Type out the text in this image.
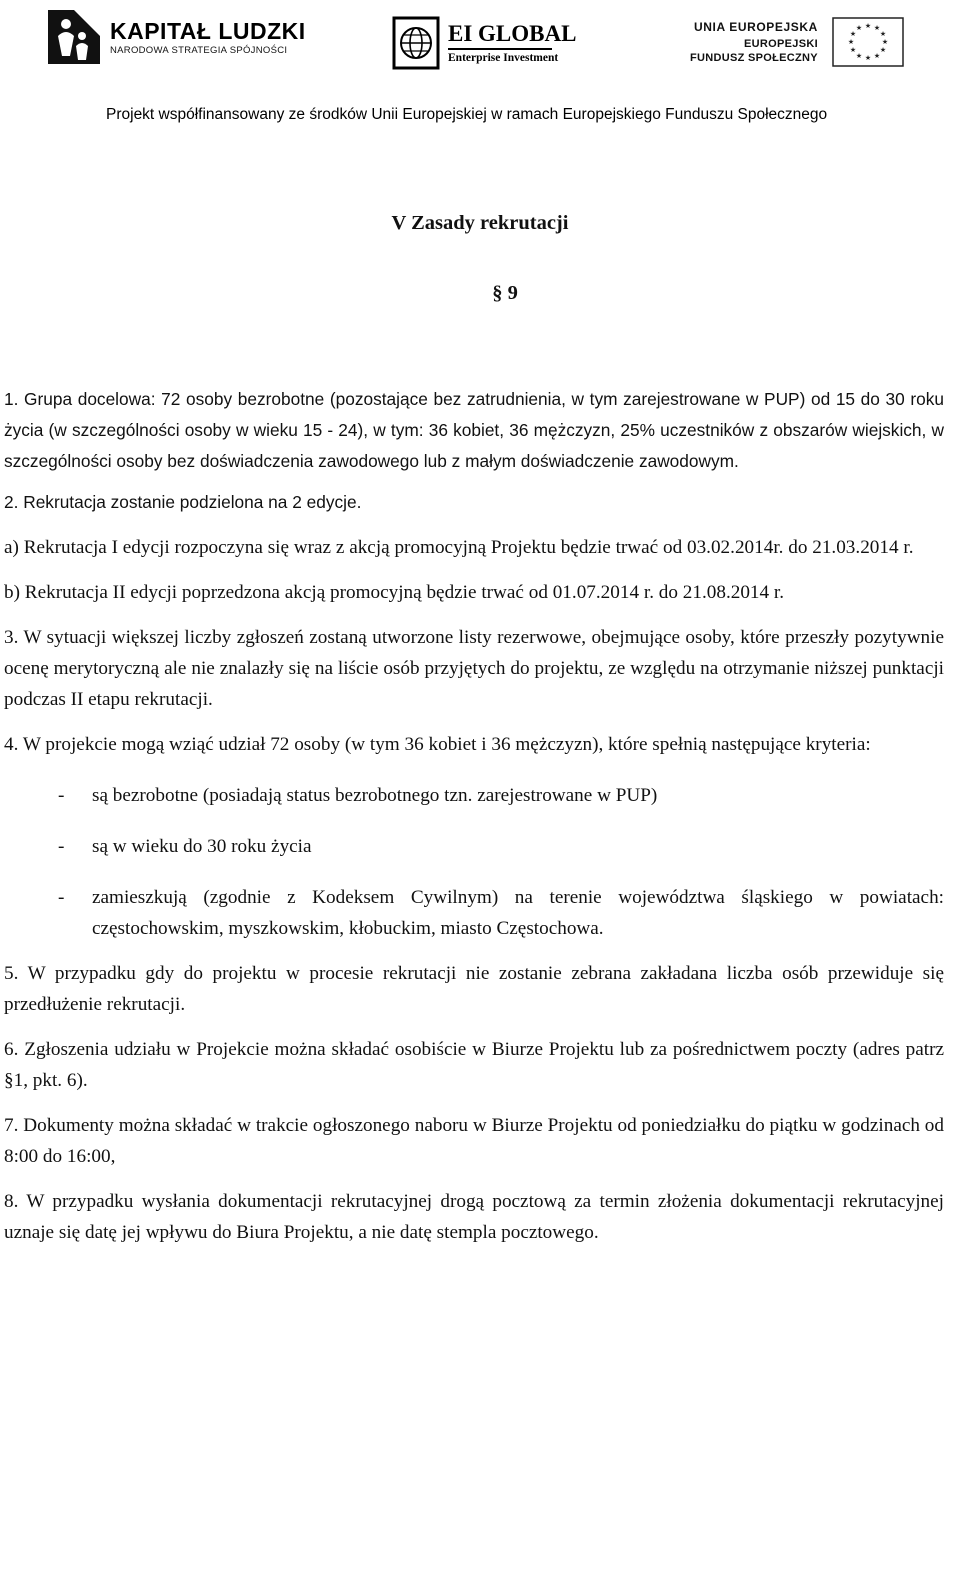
KAPITAŁ LUDZKI
NARODOWA STRATEGIA SPÓJNOŚCI
EI GLOBAL
Enterprise Investment
UNIA EUROPEJSKA
EUROPEJSKI
FUNDUSZ SPOŁECZNY
★ ★
★
★
★
★
★
★
★
★
★
★
Projekt współfinansowany ze środków Unii Europejskiej w ramach Europejskiego Funduszu Społecznego
V Zasady rekrutacji
§ 9

1. Grupa docelowa: 72 osoby bezrobotne (pozostające bez zatrudnienia, w tym zarejestrowane w PUP) od 15 do 30 roku życia (w szczególności osoby w wieku 15 - 24), w tym: 36 kobiet, 36 mężczyzn, 25% uczestników z obszarów wiejskich, w szczególności osoby bez doświadczenia zawodowego lub z małym doświadczenie zawodowym.

2. Rekrutacja zostanie podzielona na 2 edycje.

a) Rekrutacja I edycji rozpoczyna się wraz z akcją promocyjną Projektu będzie trwać od 03.02.2014r. do 21.03.2014 r.

b) Rekrutacja II edycji poprzedzona akcją promocyjną będzie trwać od 01.07.2014 r. do 21.08.2014 r.

3. W sytuacji większej liczby zgłoszeń zostaną utworzone listy rezerwowe, obejmujące osoby, które przeszły pozytywnie ocenę merytoryczną ale nie znalazły się na liście osób przyjętych do projektu, ze względu na otrzymanie niższej punktacji podczas II etapu rekrutacji.

4. W projekcie mogą wziąć udział 72 osoby (w tym 36 kobiet i 36 mężczyzn), które spełnią następujące kryteria:

-	są bezrobotne (posiadają status bezrobotnego tzn. zarejestrowane w PUP)
-	są w wieku do 30 roku życia
-	zamieszkują (zgodnie z Kodeksem Cywilnym) na terenie województwa śląskiego w powiatach: częstochowskim, myszkowskim, kłobuckim, miasto Częstochowa.

5. W przypadku gdy do projektu w procesie rekrutacji nie zostanie zebrana zakładana liczba osób przewiduje się przedłużenie rekrutacji.

6. Zgłoszenia udziału w Projekcie można składać osobiście w Biurze Projektu lub za pośrednictwem poczty (adres patrz §1, pkt. 6).

7. Dokumenty można składać w trakcie ogłoszonego naboru w Biurze Projektu od poniedziałku do piątku w godzinach od 8:00 do 16:00,

8. W przypadku wysłania dokumentacji rekrutacyjnej drogą pocztową za termin złożenia dokumentacji rekrutacyjnej uznaje się datę jej wpływu do Biura Projektu, a nie datę stempla pocztowego.
